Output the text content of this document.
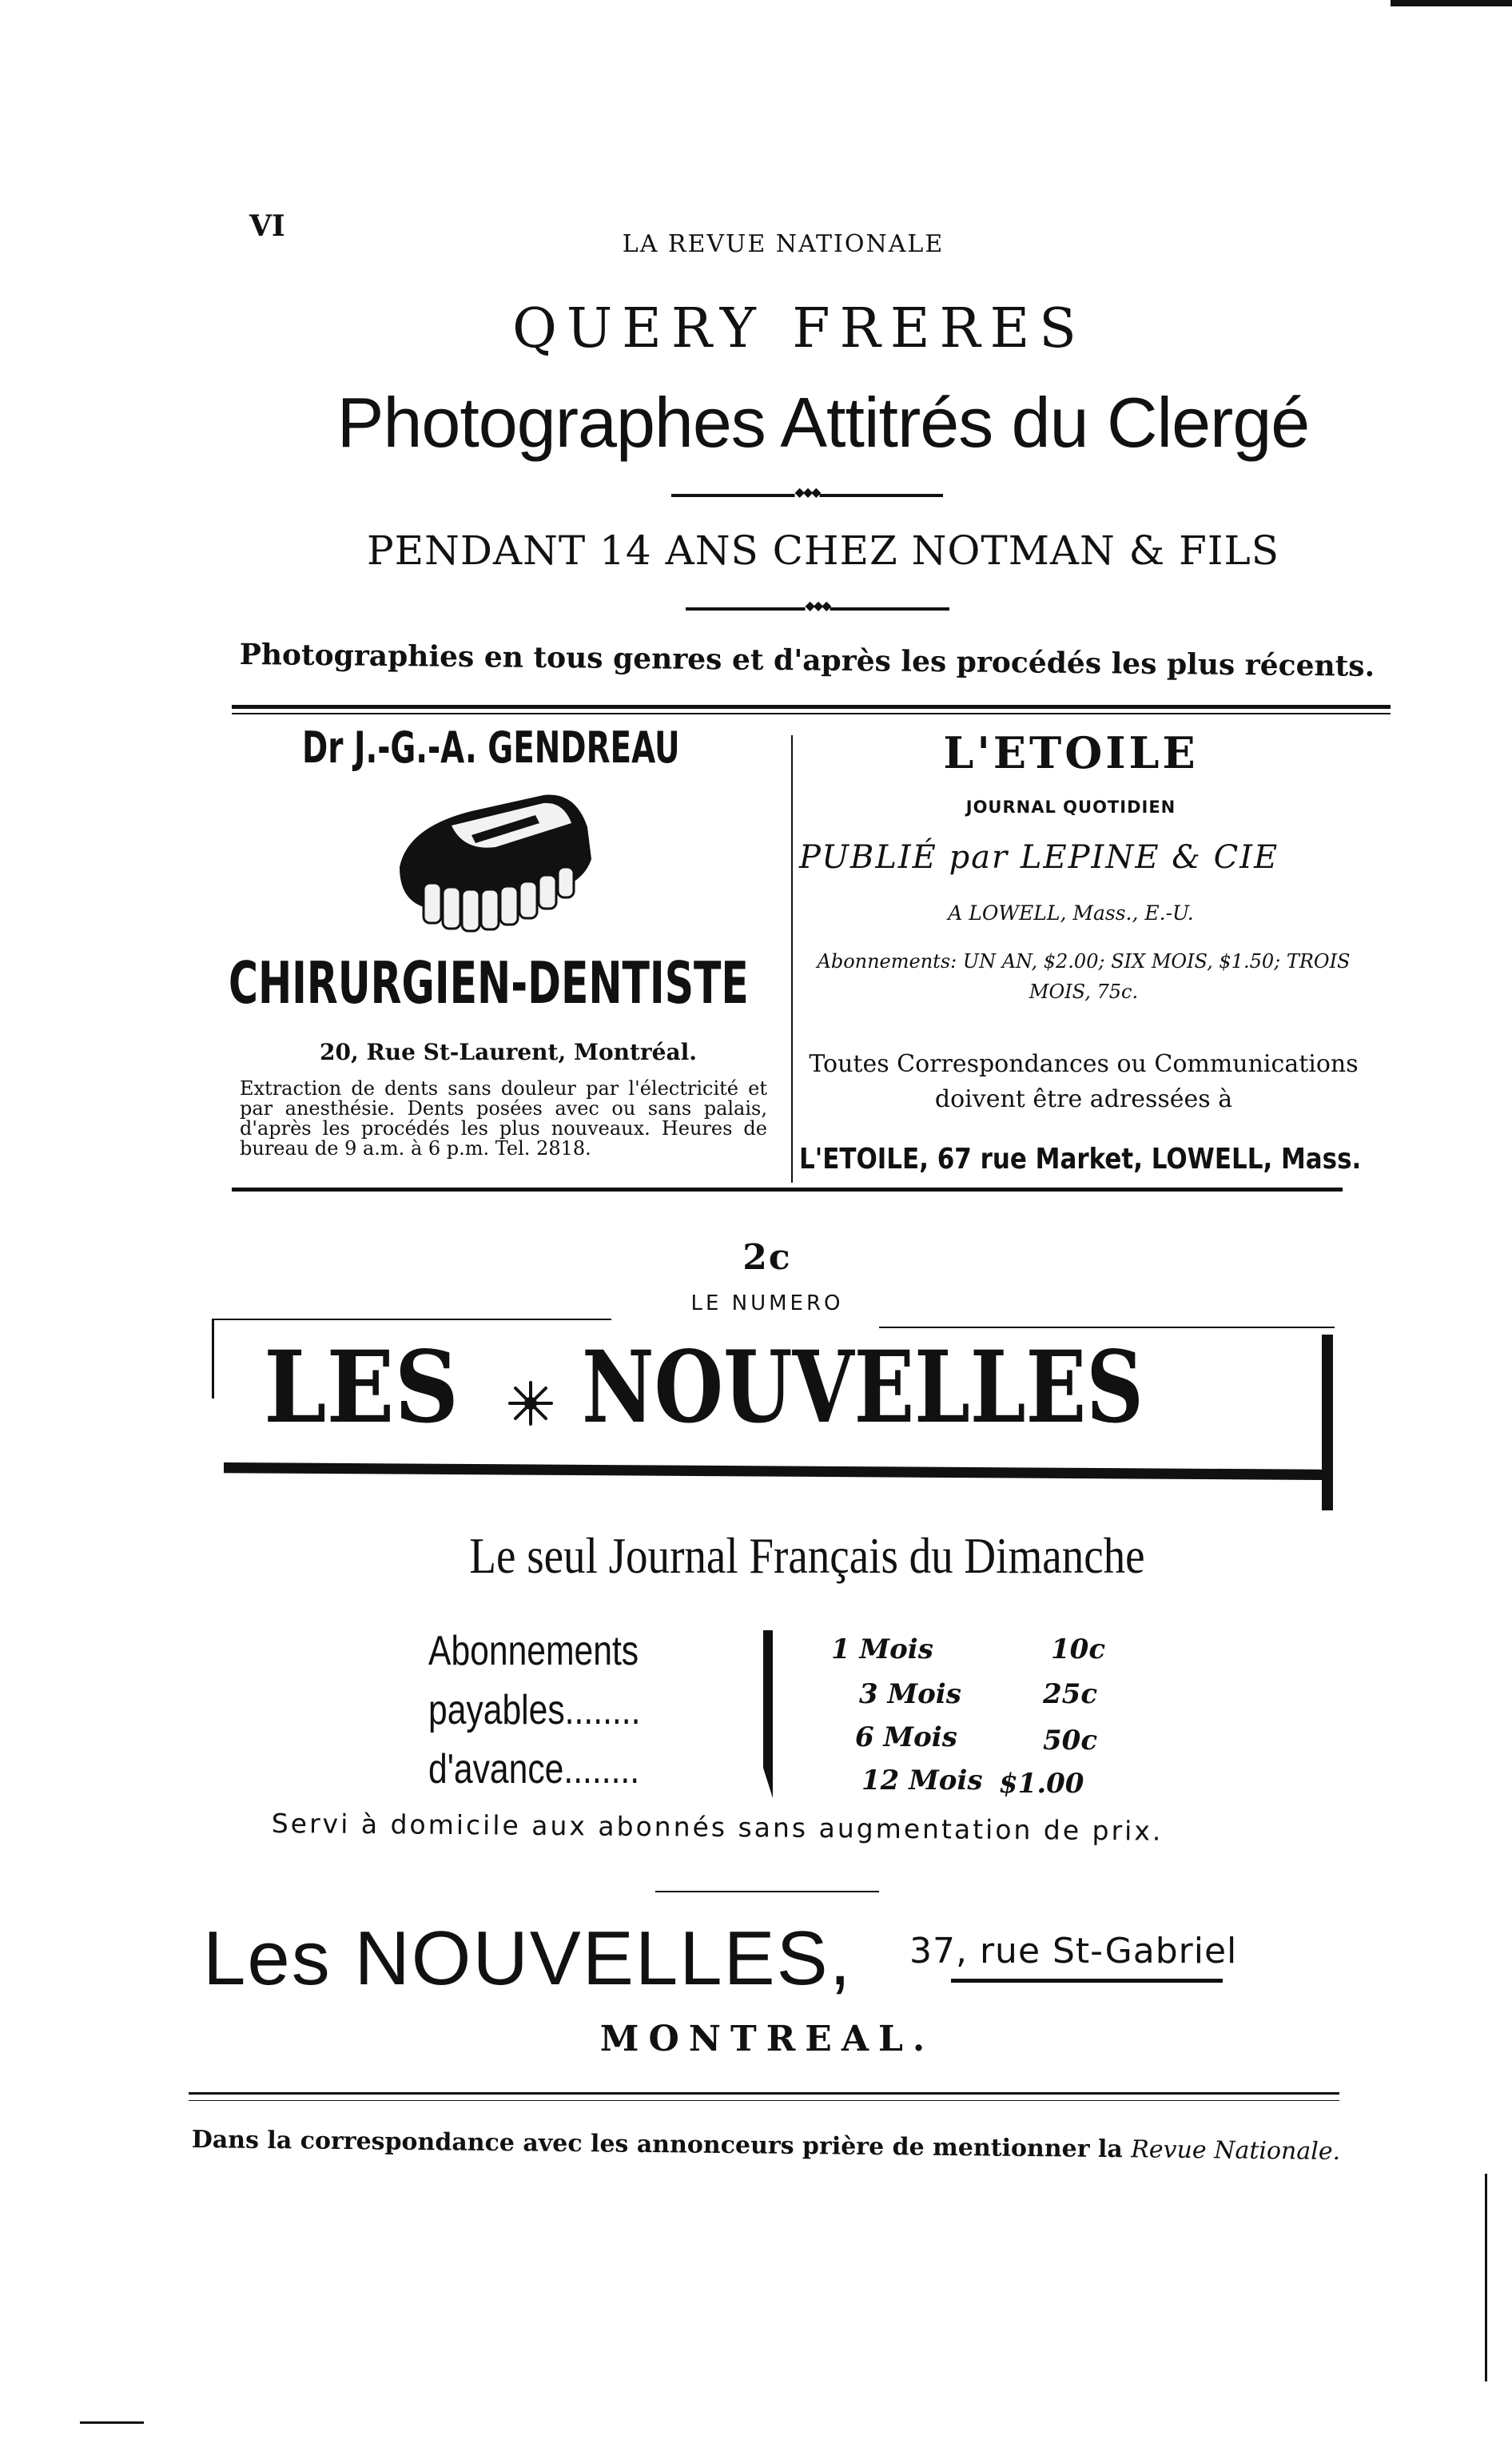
VI
LA REVUE NATIONALE
QUERY FRERES
Photographes Attitrés du Clergé
◆◆◆
PENDANT 14 ANS CHEZ NOTMAN & FILS
◆◆◆
Photographies en tous genres et d'après les procédés les plus récents.
Dr J.-G.-A. GENDREAU
CHIRURGIEN-DENTISTE
20, Rue St-Laurent, Montréal.
Extraction de dents sans douleur par l'électricité et par anesthésie. Dents posées avec ou sans palais, d'après les procédés les plus nouveaux. Heures de bureau de 9 a.m. à 6 p.m. Tel. 2818.
L'ETOILE
JOURNAL QUOTIDIEN
PUBLIÉ par LEPINE & CIE
A LOWELL, Mass., E.-U.
Abonnements: UN AN, $2.00; SIX MOIS, $1.50; TROIS MOIS, 75c.
Toutes Correspondances ou Communications doivent être adressées à
L'ETOILE, 67 rue Market, LOWELL, Mass.
2c
LE NUMERO
LES NOUVELLES
Le seul Journal Français du Dimanche
Abonnements
payables........
d'avance........
1 Mois	10c
3 Mois	25c
6 Mois	50c
12 Mois $1.00
Servi à domicile aux abonnés sans augmentation de prix.
Les NOUVELLES, 37, rue St-Gabriel
MONTREAL.
Dans la correspondance avec les annonceurs prière de mentionner la Revue Nationale.
